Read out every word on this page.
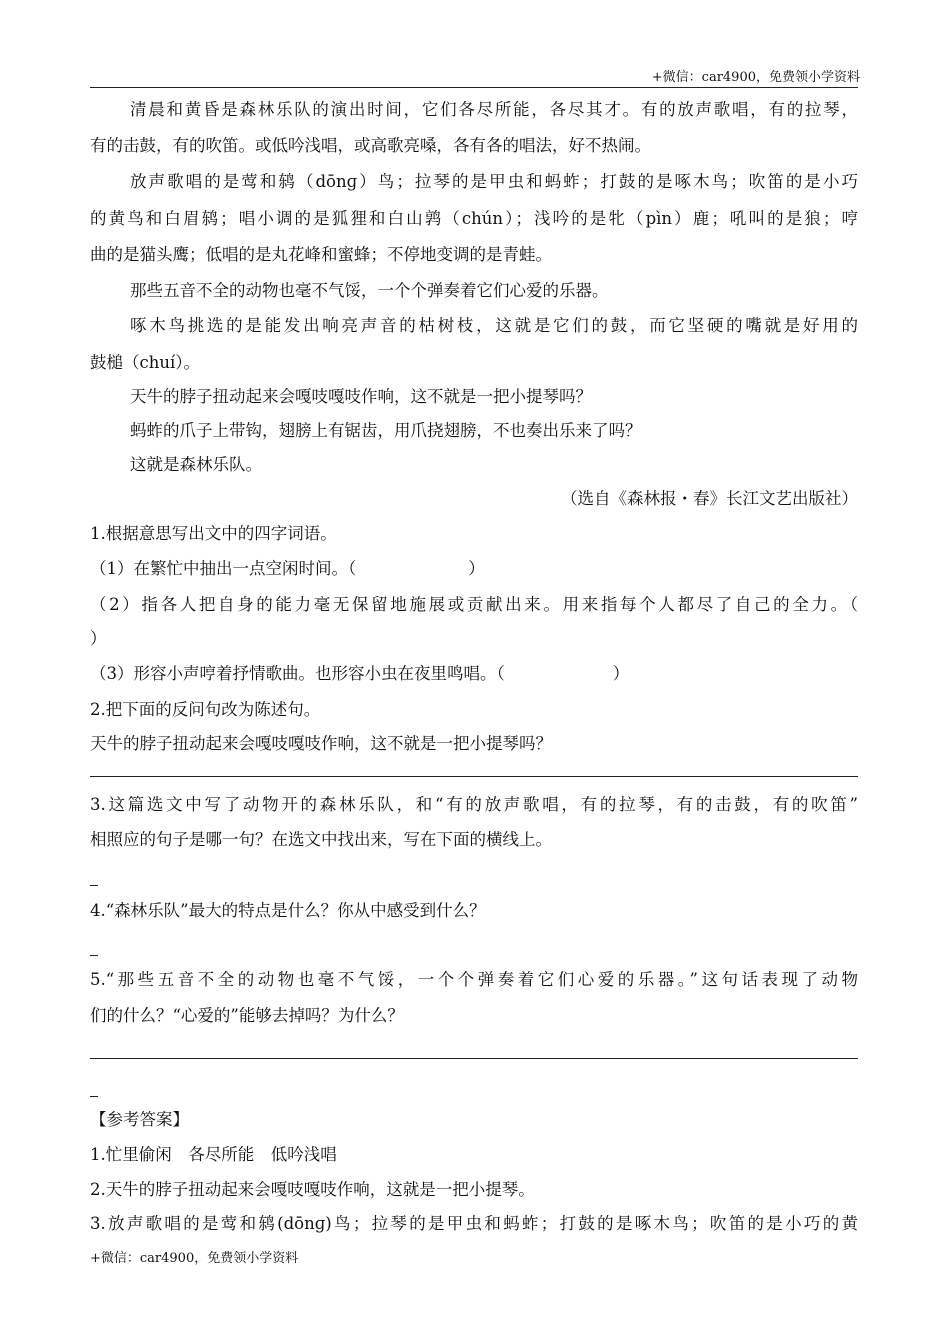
+微信：car4900，免费领小学资料
清晨和黄昏是森林乐队的演出时间，它们各尽所能，各尽其才。有的放声歌唱，有的拉琴，
有的击鼓，有的吹笛。或低吟浅唱，或高歌亮嗓，各有各的唱法，好不热闹。
放声歌唱的是莺和鸫（dōnɡ）鸟；拉琴的是甲虫和蚂蚱；打鼓的是啄木鸟；吹笛的是小巧
的黄鸟和白眉鸫；唱小调的是狐狸和白山鹑（chún）；浅吟的是牝（pìn）鹿；吼叫的是狼；哼
曲的是猫头鹰；低唱的是丸花峰和蜜蜂；不停地变调的是青蛙。
那些五音不全的动物也毫不气馁，一个个弹奏着它们心爱的乐器。
啄木鸟挑选的是能发出响亮声音的枯树枝，这就是它们的鼓，而它坚硬的嘴就是好用的
鼓槌（chuí）。
天牛的脖子扭动起来会嘎吱嘎吱作响，这不就是一把小提琴吗？
蚂蚱的爪子上带钩，翅膀上有锯齿，用爪挠翅膀，不也奏出乐来了吗？
这就是森林乐队。
（选自《森林报・春》长江文艺出版社）
1.根据意思写出文中的四字词语。
（1）在繁忙中抽出一点空闲时间。（	）
（2）指各人把自身的能力毫无保留地施展或贡献出来。用来指每个人都尽了自己的全力。（
）
（3）形容小声哼着抒情歌曲。也形容小虫在夜里鸣唱。（	）
2.把下面的反问句改为陈述句。
天牛的脖子扭动起来会嘎吱嘎吱作响，这不就是一把小提琴吗？
3.这篇选文中写了动物开的森林乐队，和“有的放声歌唱，有的拉琴，有的击鼓，有的吹笛”
相照应的句子是哪一句？在选文中找出来，写在下面的横线上。
4.“森林乐队”最大的特点是什么？你从中感受到什么？
5.“那些五音不全的动物也毫不气馁，一个个弹奏着它们心爱的乐器。”这句话表现了动物
们的什么？“心爱的”能够去掉吗？为什么？
【参考答案】
1.忙里偷闲　各尽所能　低吟浅唱
2.天牛的脖子扭动起来会嘎吱嘎吱作响，这就是一把小提琴。
3.放声歌唱的是莺和鸫(dōnɡ)鸟；拉琴的是甲虫和蚂蚱；打鼓的是啄木鸟；吹笛的是小巧的黄
+微信：car4900，免费领小学资料
